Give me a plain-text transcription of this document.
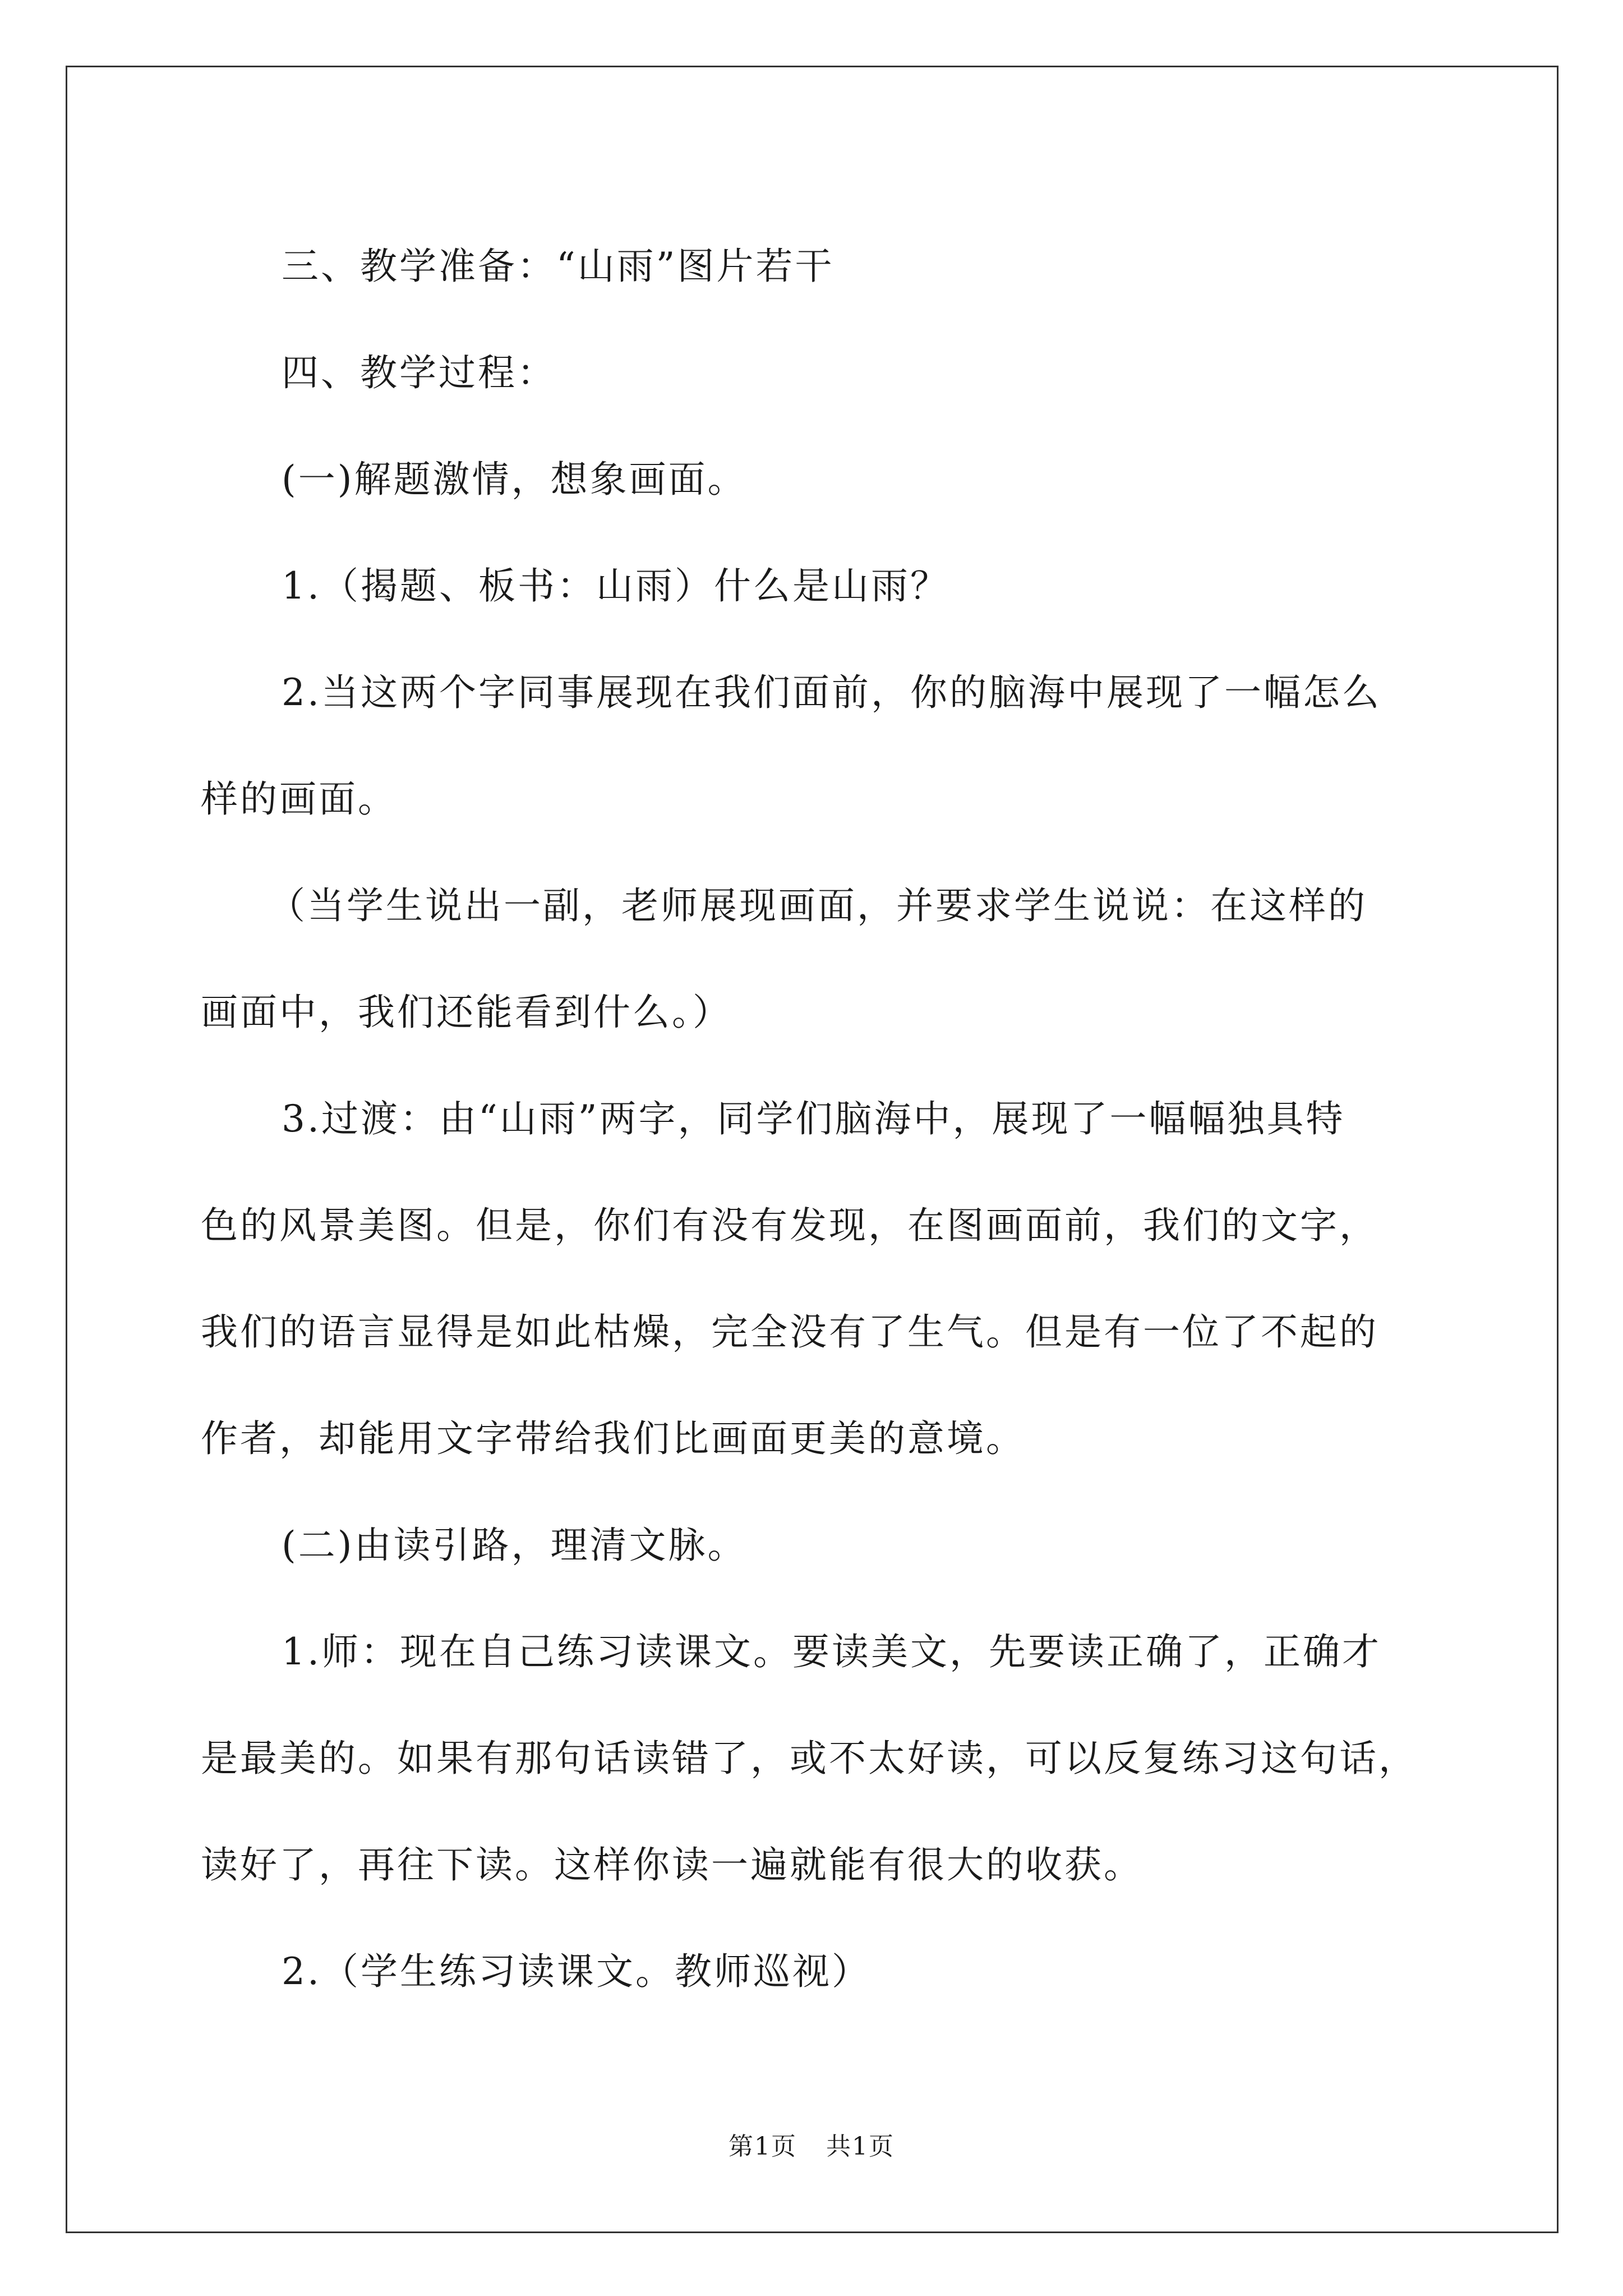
三、教学准备：“山雨”图片若干

四、教学过程：

(一)解题激情，想象画面。

1.（揭题、板书：山雨）什么是山雨？

2.当这两个字同事展现在我们面前，你的脑海中展现了一幅怎么

样的画面。

（当学生说出一副，老师展现画面，并要求学生说说：在这样的

画面中，我们还能看到什么。）

3.过渡：由“山雨”两字，同学们脑海中，展现了一幅幅独具特

色的风景美图。但是，你们有没有发现，在图画面前，我们的文字，

我们的语言显得是如此枯燥，完全没有了生气。但是有一位了不起的

作者，却能用文字带给我们比画面更美的意境。

(二)由读引路，理清文脉。

1.师：现在自己练习读课文。要读美文，先要读正确了，正确才

是最美的。如果有那句话读错了，或不太好读，可以反复练习这句话，

读好了，再往下读。这样你读一遍就能有很大的收获。

2.（学生练习读课文。教师巡视）

第1页 共1页
